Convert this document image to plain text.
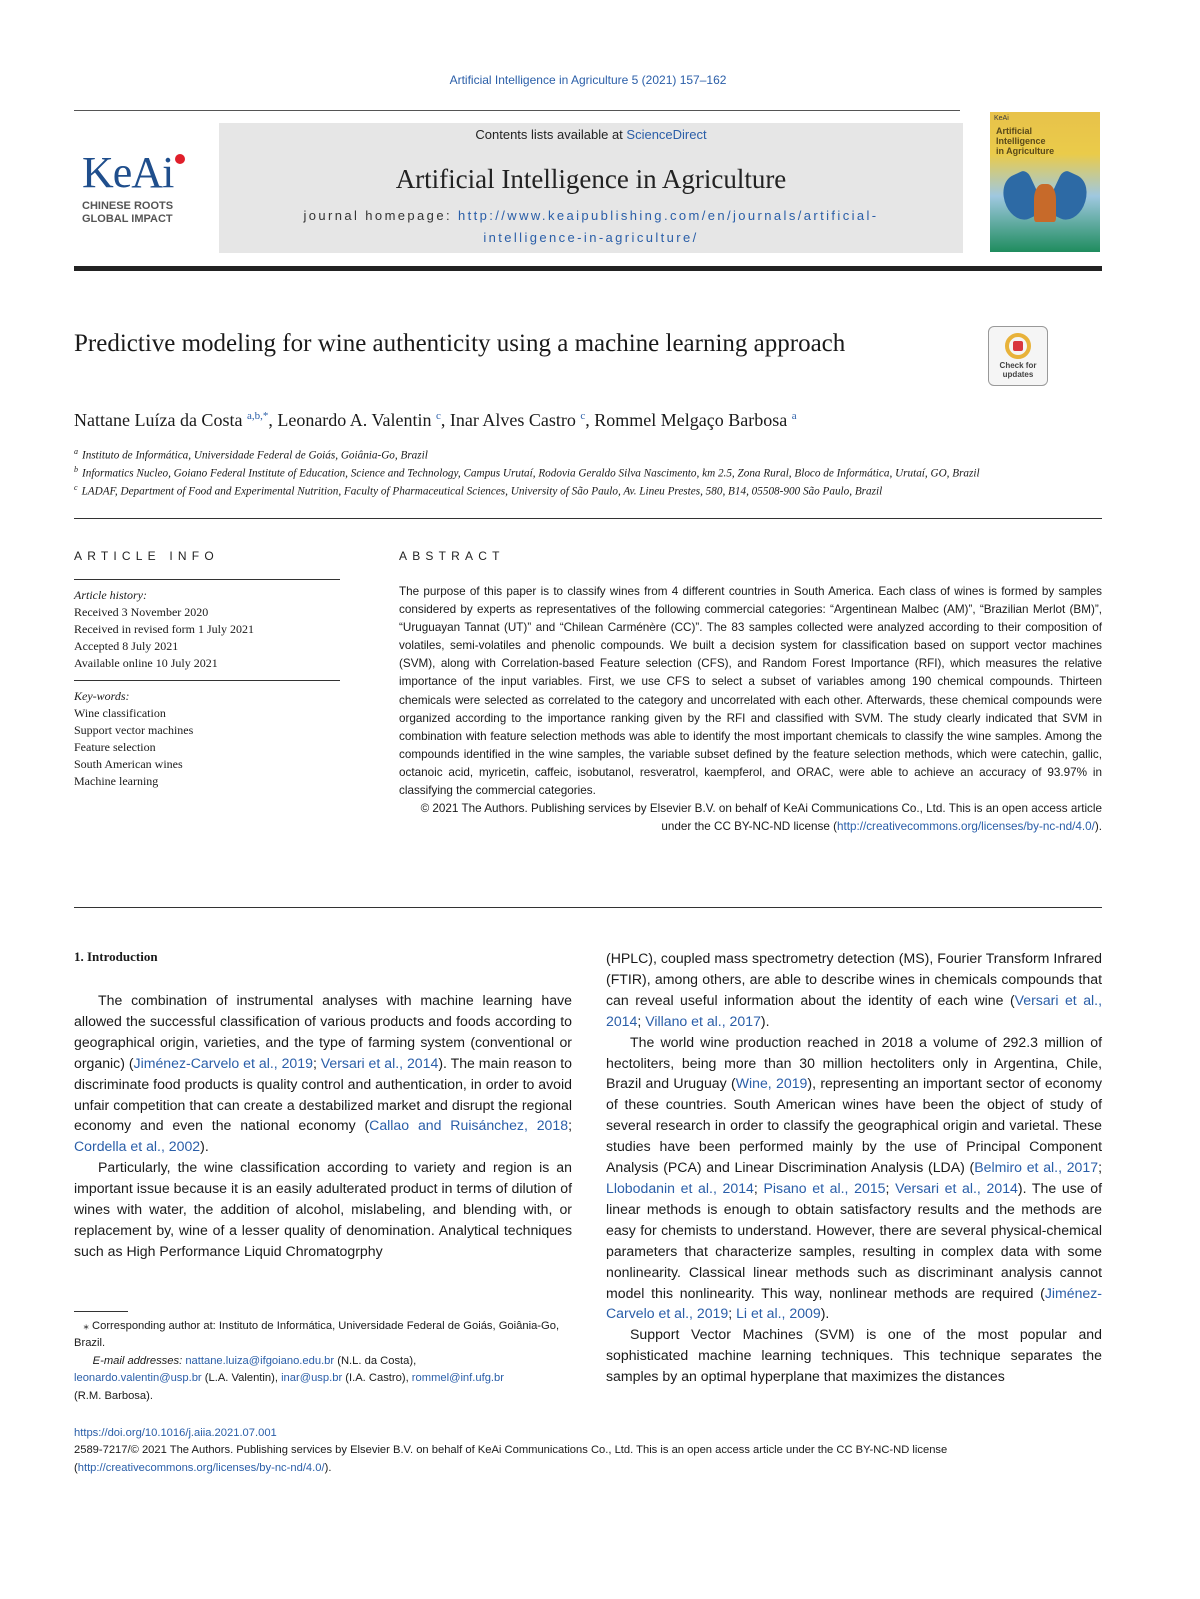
Artificial Intelligence in Agriculture 5 (2021) 157–162
KeAi
CHINESE ROOTS
GLOBAL IMPACT
Contents lists available at ScienceDirect
Artificial Intelligence in Agriculture
journal homepage: http://www.keaipublishing.com/en/journals/artificial-intelligence-in-agriculture/
KeAi
Artificial
Intelligence
in Agriculture
Predictive modeling for wine authenticity using a machine learning approach
Check for
updates
Nattane Luíza da Costa $^{a,b,*}$, Leonardo A. Valentin $^c$, Inar Alves Castro $^c$, Rommel Melgaço Barbosa $^a$
$^a$ Instituto de Informática, Universidade Federal de Goiás, Goiânia-Go, Brazil
$^b$ Informatics Nucleo, Goiano Federal Institute of Education, Science and Technology, Campus Urutaí, Rodovia Geraldo Silva Nascimento, km 2.5, Zona Rural, Bloco de Informática, Urutaí, GO, Brazil
$^c$ LADAF, Department of Food and Experimental Nutrition, Faculty of Pharmaceutical Sciences, University of São Paulo, Av. Lineu Prestes, 580, B14, 05508-900 São Paulo, Brazil
ARTICLE INFO
Article history:
Received 3 November 2020
Received in revised form 1 July 2021
Accepted 8 July 2021
Available online 10 July 2021
Key-words:
Wine classification
Support vector machines
Feature selection
South American wines
Machine learning
ABSTRACT

The purpose of this paper is to classify wines from 4 different countries in South America. Each class of wines is formed by samples considered by experts as representatives of the following commercial categories: “Argentinean Malbec (AM)”, “Brazilian Merlot (BM)”, “Uruguayan Tannat (UT)” and “Chilean Carménère (CC)”. The 83 samples collected were analyzed according to their composition of volatiles, semi-volatiles and phenolic compounds. We built a decision system for classification based on support vector machines (SVM), along with Correlation-based Feature selection (CFS), and Random Forest Importance (RFI), which measures the relative importance of the input variables. First, we use CFS to select a subset of variables among 190 chemical compounds. Thirteen chemicals were selected as correlated to the category and uncorrelated with each other. Afterwards, these chemical compounds were organized according to the importance ranking given by the RFI and classified with SVM. The study clearly indicated that SVM in combination with feature selection methods was able to identify the most important chemicals to classify the wine samples. Among the compounds identified in the wine samples, the variable subset defined by the feature selection methods, which were catechin, gallic, octanoic acid, myricetin, caffeic, isobutanol, resveratrol, kaempferol, and ORAC, were able to achieve an accuracy of 93.97% in classifying the commercial categories.

© 2021 The Authors. Publishing services by Elsevier B.V. on behalf of KeAi Communications Co., Ltd. This is an open access article under the CC BY-NC-ND license (http://creativecommons.org/licenses/by-nc-nd/4.0/).

1. Introduction

The combination of instrumental analyses with machine learning have allowed the successful classification of various products and foods according to geographical origin, varieties, and the type of farming system (conventional or organic) (Jiménez-Carvelo et al., 2019; Versari et al., 2014). The main reason to discriminate food products is quality control and authentication, in order to avoid unfair competition that can create a destabilized market and disrupt the regional economy and even the national economy (Callao and Ruisánchez, 2018; Cordella et al., 2002).

Particularly, the wine classification according to variety and region is an important issue because it is an easily adulterated product in terms of dilution of wines with water, the addition of alcohol, mislabeling, and blending with, or replacement by, wine of a lesser quality of denomination. Analytical techniques such as High Performance Liquid Chromatogrphy

(HPLC), coupled mass spectrometry detection (MS), Fourier Transform Infrared (FTIR), among others, are able to describe wines in chemicals compounds that can reveal useful information about the identity of each wine (Versari et al., 2014; Villano et al., 2017).

The world wine production reached in 2018 a volume of 292.3 million of hectoliters, being more than 30 million hectoliters only in Argentina, Chile, Brazil and Uruguay (Wine, 2019), representing an important sector of economy of these countries. South American wines have been the object of study of several research in order to classify the geographical origin and varietal. These studies have been performed mainly by the use of Principal Component Analysis (PCA) and Linear Discrimination Analysis (LDA) (Belmiro et al., 2017; Llobodanin et al., 2014; Pisano et al., 2015; Versari et al., 2014). The use of linear methods is enough to obtain satisfactory results and the methods are easy for chemists to understand. However, there are several physical-chemical parameters that characterize samples, resulting in complex data with some nonlinearity. Classical linear methods such as discriminant analysis cannot model this nonlinearity. This way, nonlinear methods are required (Jiménez-Carvelo et al., 2019; Li et al., 2009).

Support Vector Machines (SVM) is one of the most popular and sophisticated machine learning techniques. This technique separates the samples by an optimal hyperplane that maximizes the distances

⁎ Corresponding author at: Instituto de Informática, Universidade Federal de Goiás, Goiânia-Go, Brazil.
E-mail addresses: nattane.luiza@ifgoiano.edu.br (N.L. da Costa),
leonardo.valentin@usp.br (L.A. Valentin), inar@usp.br (I.A. Castro), rommel@inf.ufg.br
(R.M. Barbosa).
https://doi.org/10.1016/j.aiia.2021.07.001
2589-7217/© 2021 The Authors. Publishing services by Elsevier B.V. on behalf of KeAi Communications Co., Ltd. This is an open access article under the CC BY-NC-ND license (http://creativecommons.org/licenses/by-nc-nd/4.0/).
